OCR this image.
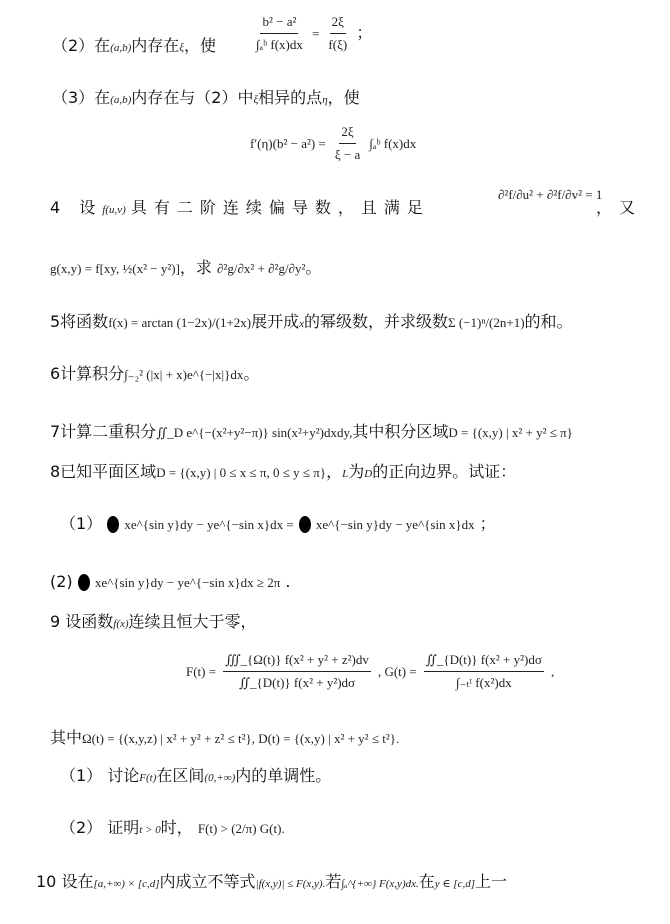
（2）在(a,b)内存在ξ，使	$\frac{\text{b² − a²}}{\text{∫ₐᵇ f(x)dx}} = \frac{2\xi}{f(\xi)}$ ；
（3）在(a,b)内存在与（2）中ξ相异的点η，使
$f'(\eta)(b^2 - a^2) = \frac{2\xi}{\xi - a}$ ∫ₐᵇ f(x)dx
4 设f(u,v) 具有二阶连续偏导数，且满足
∂²f/∂u² + ∂²f/∂v² = 1
，又
g(x,y) = f[xy, ½(x² − y²)]，求 ∂²g/∂x² + ∂²g/∂y²。
5将函数f(x) = arctan (1−2x)/(1+2x)展开成x的幂级数，并求级数Σ (−1)ⁿ/(2n+1)的和。
6计算积分∫₋₂² (|x| + x)e^{−|x|}dx。
7计算二重积分∬_D e^{−(x²+y²−π)} sin(x²+y²)dxdy,其中积分区域D = {(x,y) | x² + y² ≤ π}
8已知平面区域D = {(x,y) | 0 ≤ x ≤ π, 0 ≤ y ≤ π}，L为D的正向边界。试证：
（1） xe^{sin y}dy − ye^{−sin x}dx = xe^{−sin y}dy − ye^{sin x}dx ；
(2) xe^{sin y}dy − ye^{−sin x}dx ≥ 2π .
9 设函数f(x)连续且恒大于零，
$F(t) = \frac{\text{∭\_\{Ω(t)\} f(x² + y² + z²)dv}}{\text{∬\_\{D(t)\} f(x² + y²)dσ}}$ , $G(t) = \frac{\text{∬\_\{D(t)\} f(x² + y²)dσ}}{\text{∫₋ₜᵗ f(x²)dx}}$ ,
其中Ω(t) = {(x,y,z) | x² + y² + z² ≤ t²}, D(t) = {(x,y) | x² + y² ≤ t²}.
（1） 讨论F(t)在区间(0,+∞)内的单调性。
（2） 证明t > 0时， F(t) > (2/π) G(t).
10 设在[a,+∞) × [c,d]内成立不等式|f(x,y)| ≤ F(x,y).若∫ₐ^{+∞} F(x,y)dx.在y ∈ [c,d]上一
